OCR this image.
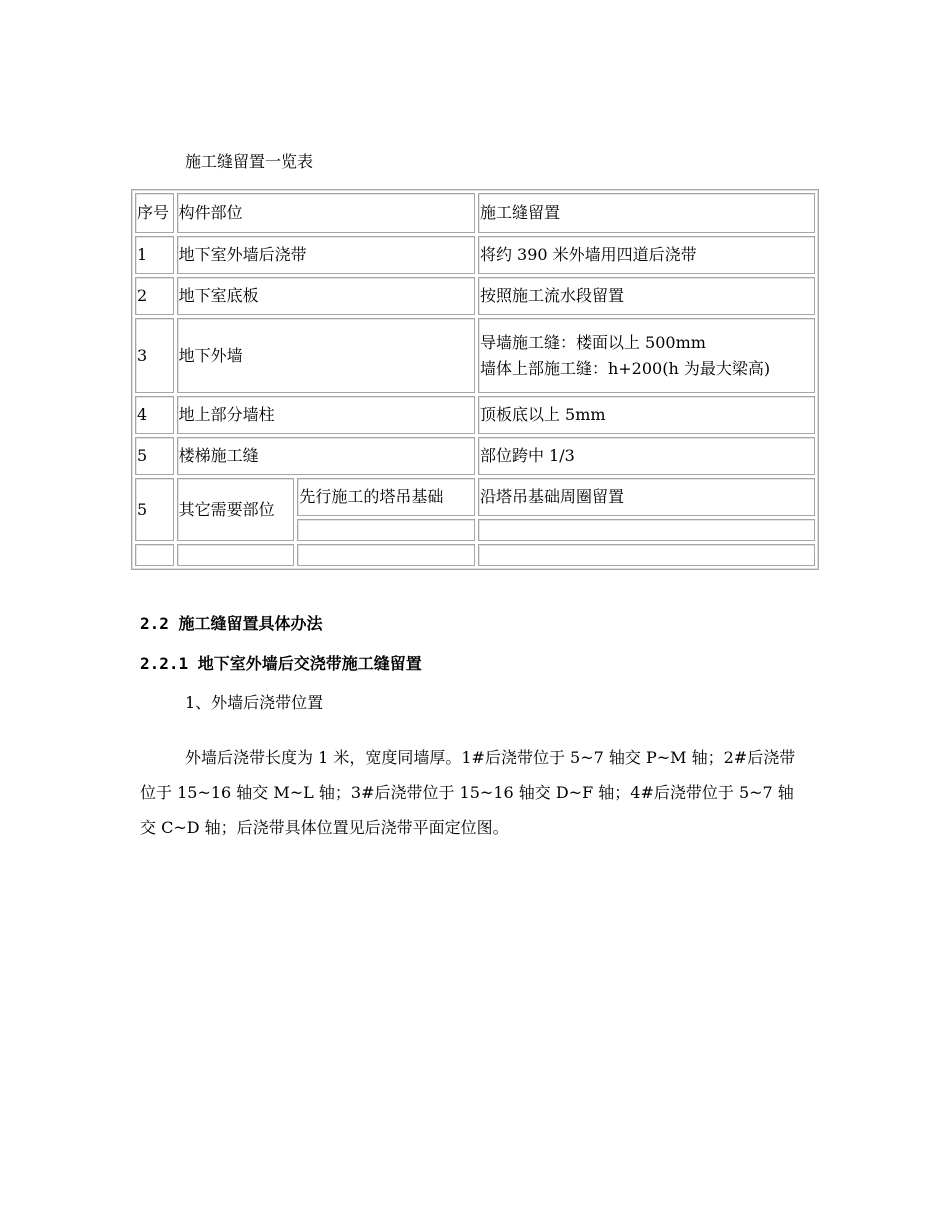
施工缝留置一览表
序号	构件部位		施工缝留置
1	地下室外墙后浇带		将约 390 米外墙用四道后浇带
2	地下室底板		按照施工流水段留置
3	地下外墙		导墙施工缝：楼面以上 500mm
墙体上部施工缝：h+200(h 为最大梁高)

4	地上部分墙柱		顶板底以上 5mm
5	楼梯施工缝		部位跨中 1/3
5	其它需要部位	先行施工的塔吊基础	沿塔吊基础周圈留置

2.2 施工缝留置具体办法
2.2.1 地下室外墙后交浇带施工缝留置
1、外墙后浇带位置
外墙后浇带长度为 1 米，宽度同墙厚。1#后浇带位于 5~7 轴交 P~M 轴；2#后浇带位于 15~16 轴交 M~L 轴；3#后浇带位于 15~16 轴交 D~F 轴；4#后浇带位于 5~7 轴交 C~D 轴；后浇带具体位置见后浇带平面定位图。
